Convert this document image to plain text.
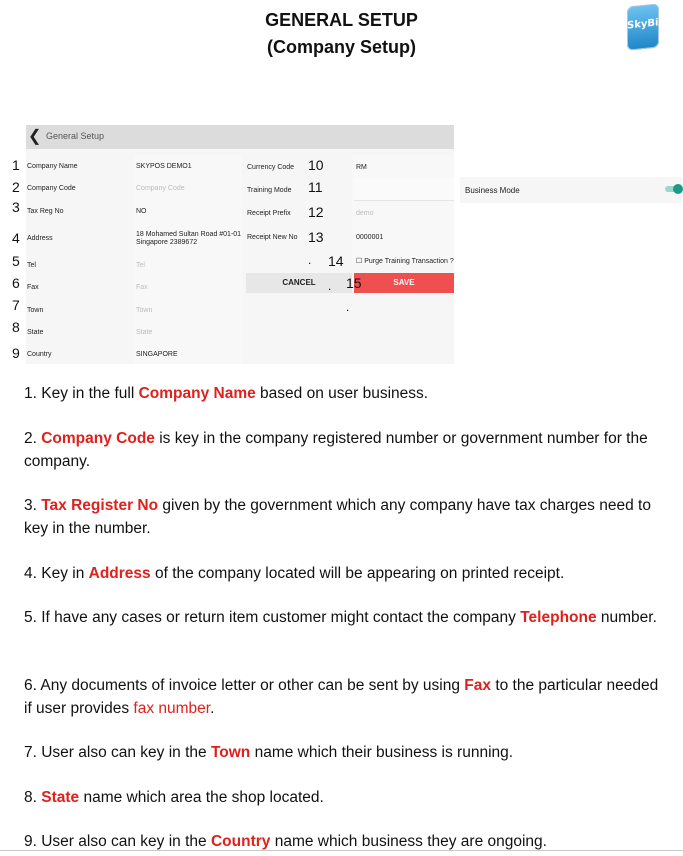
GENERAL SETUP
(Company Setup)
SkyBiz
❮ General Setup
1 Company Name	SKYPOS DEMO1
2 Company Code	Company Code
3 Tax Reg No	NO
4 Address
18 Mohamed Sultan Road #01-01
Singapore 2389672
5 Tel	Tel
6 Fax	Fax
7 Town	Town
8 State	State
9 Country	SINGAPORE
Currency Code 10	RM
Training Mode 11
Receipt Prefix 12	demo
Receipt New No 13	0000001
. 14 ☐ Purge Training Transaction ?
CANCEL	SAVE
. 15
.
Business Mode
1. Key in the full Company Name based on user business.
2. Company Code is key in the company registered number or government number for the company.
3. Tax Register No given by the government which any company have tax charges need to key in the number.
4. Key in Address of the company located will be appearing on printed receipt.
5. If have any cases or return item customer might contact the company Telephone number.
6. Any documents of invoice letter or other can be sent by using Fax to the particular needed if user provides fax number.
7. User also can key in the Town name which their business is running.
8. State name which area the shop located.
9. User also can key in the Country name which business they are ongoing.
